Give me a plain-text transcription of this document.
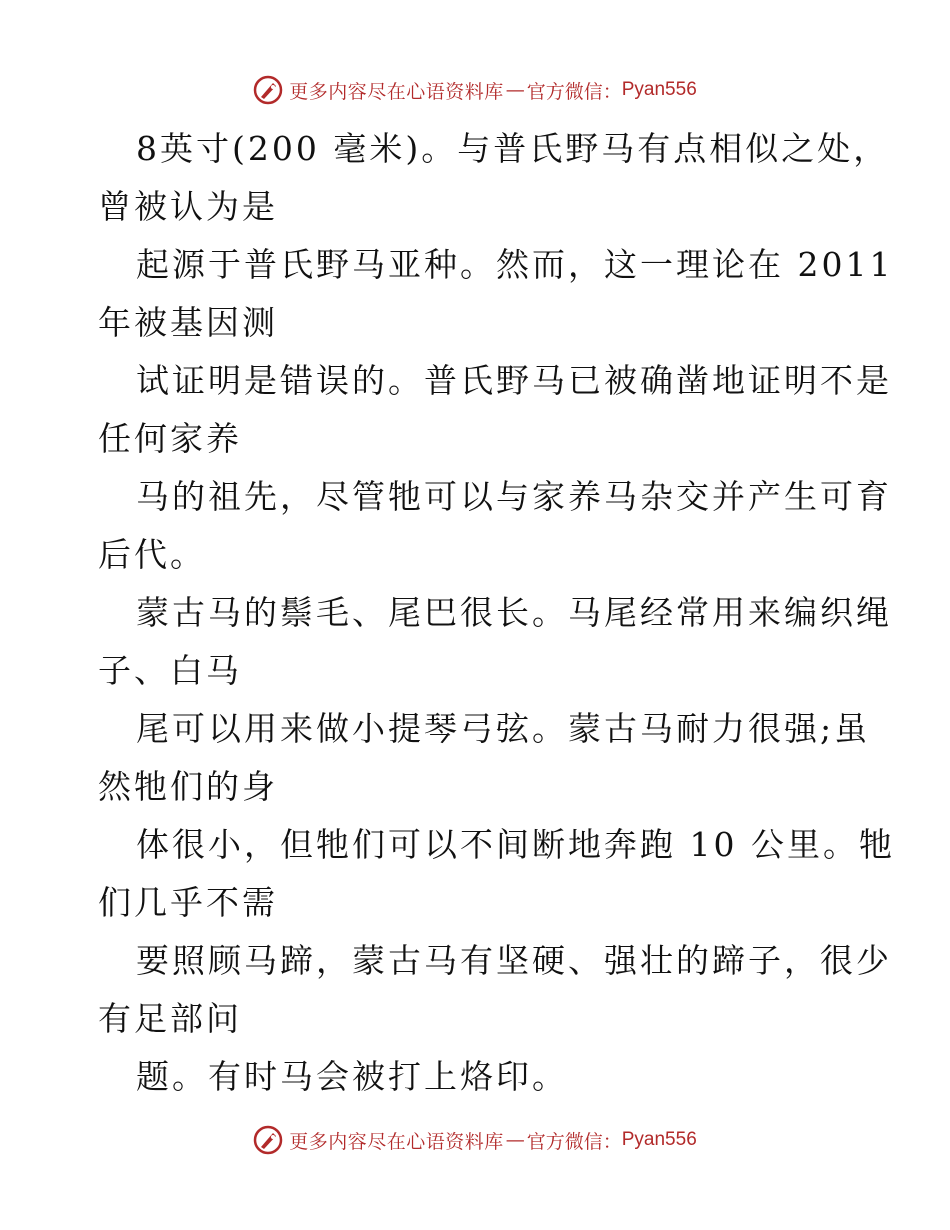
更多内容尽在心语资料库 — 官方微信： Pyan556
8英寸(200 毫米)。与普氏野马有点相似之处，
曾被认为是
起源于普氏野马亚种。然而，这一理论在 2011
年被基因测
试证明是错误的。普氏野马已被确凿地证明不是
任何家养
马的祖先，尽管牠可以与家养马杂交并产生可育
后代。
蒙古马的鬃毛、尾巴很长。马尾经常用来编织绳
子、白马
尾可以用来做小提琴弓弦。蒙古马耐力很强;虽
然牠们的身
体很小，但牠们可以不间断地奔跑 10 公里。牠
们几乎不需
要照顾马蹄，蒙古马有坚硬、强壮的蹄子，很少
有足部问
题。有时马会被打上烙印。
更多内容尽在心语资料库 — 官方微信： Pyan556
